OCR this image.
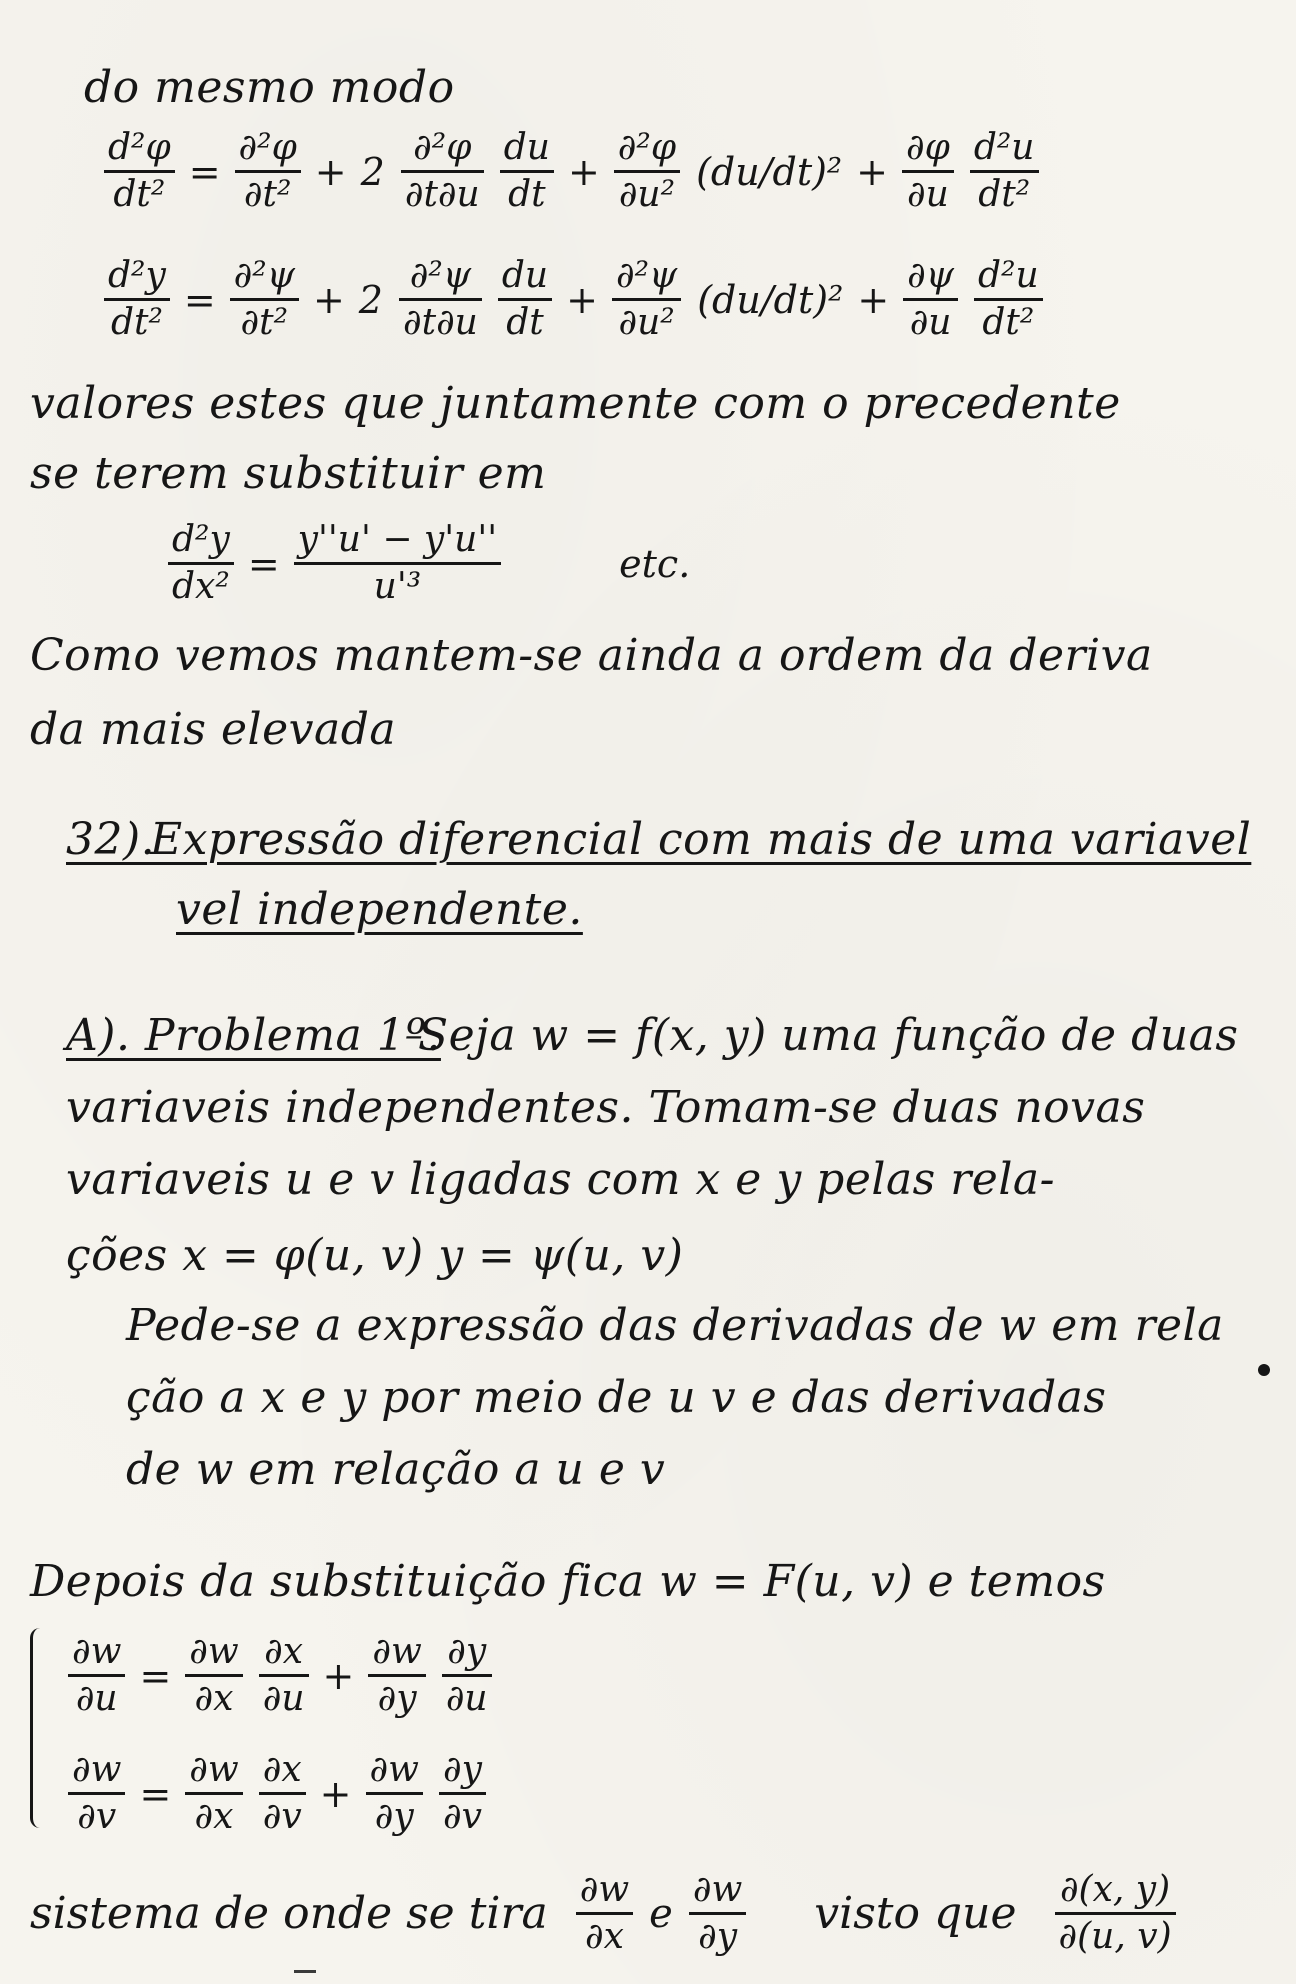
do mesmo modo
$\frac{\text{d²φ}}{\text{dt²}} = \frac{\text{∂²φ}}{\text{∂t²}} + 2 \frac{\text{∂²φ}}{\partial t\partial u} \frac{du}{dt} + \frac{\text{∂²φ}}{\text{∂u²}} (du/dt)^2 + \frac{\partial\varphi}{\partial u} \frac{\text{d²u}}{\text{dt²}}$
$\frac{\text{d²y}}{\text{dt²}} = \frac{\text{∂²ψ}}{\text{∂t²}} + 2 \frac{\text{∂²ψ}}{\partial t\partial u} \frac{du}{dt} + \frac{\text{∂²ψ}}{\text{∂u²}} (du/dt)^2 + \frac{\partial\psi}{\partial u} \frac{\text{d²u}}{\text{dt²}}$
valores estes que juntamente com o precedente
se terem substituir em
$\frac{\text{d²y}}{\text{dx²}} = \frac{y''u' - y'u''}{\text{u'³}}$	etc.
Como vemos mantem-se ainda a ordem da deriva
da mais elevada
32).
Expressão diferencial com mais de uma variavel
vel independente.
A). Problema 1º.
Seja w = f(x, y) uma função de duas
variaveis independentes. Tomam-se duas novas
variaveis u e v ligadas com x e y pelas rela-
ções x = φ(u, v) y = ψ(u, v)
Pede-se a expressão das derivadas de w em rela
ção a x e y por meio de u v e das derivadas
de w em relação a u e v
Depois da substituição fica w = F(u, v) e temos
$\frac{\partial w}{\partial u} = \frac{\partial w}{\partial x} \frac{\partial x}{\partial u} + \frac{\partial w}{\partial y} \frac{\partial y}{\partial u}$
$\frac{\partial w}{\partial v} = \frac{\partial w}{\partial x} \frac{\partial x}{\partial v} + \frac{\partial w}{\partial y} \frac{\partial y}{\partial v}$
sistema de onde se tira $\frac{\partial w}{\partial x}$ e $\frac{\partial w}{\partial y}$ visto que $\frac{\partial(x, y)}{\partial(u, v)}$
